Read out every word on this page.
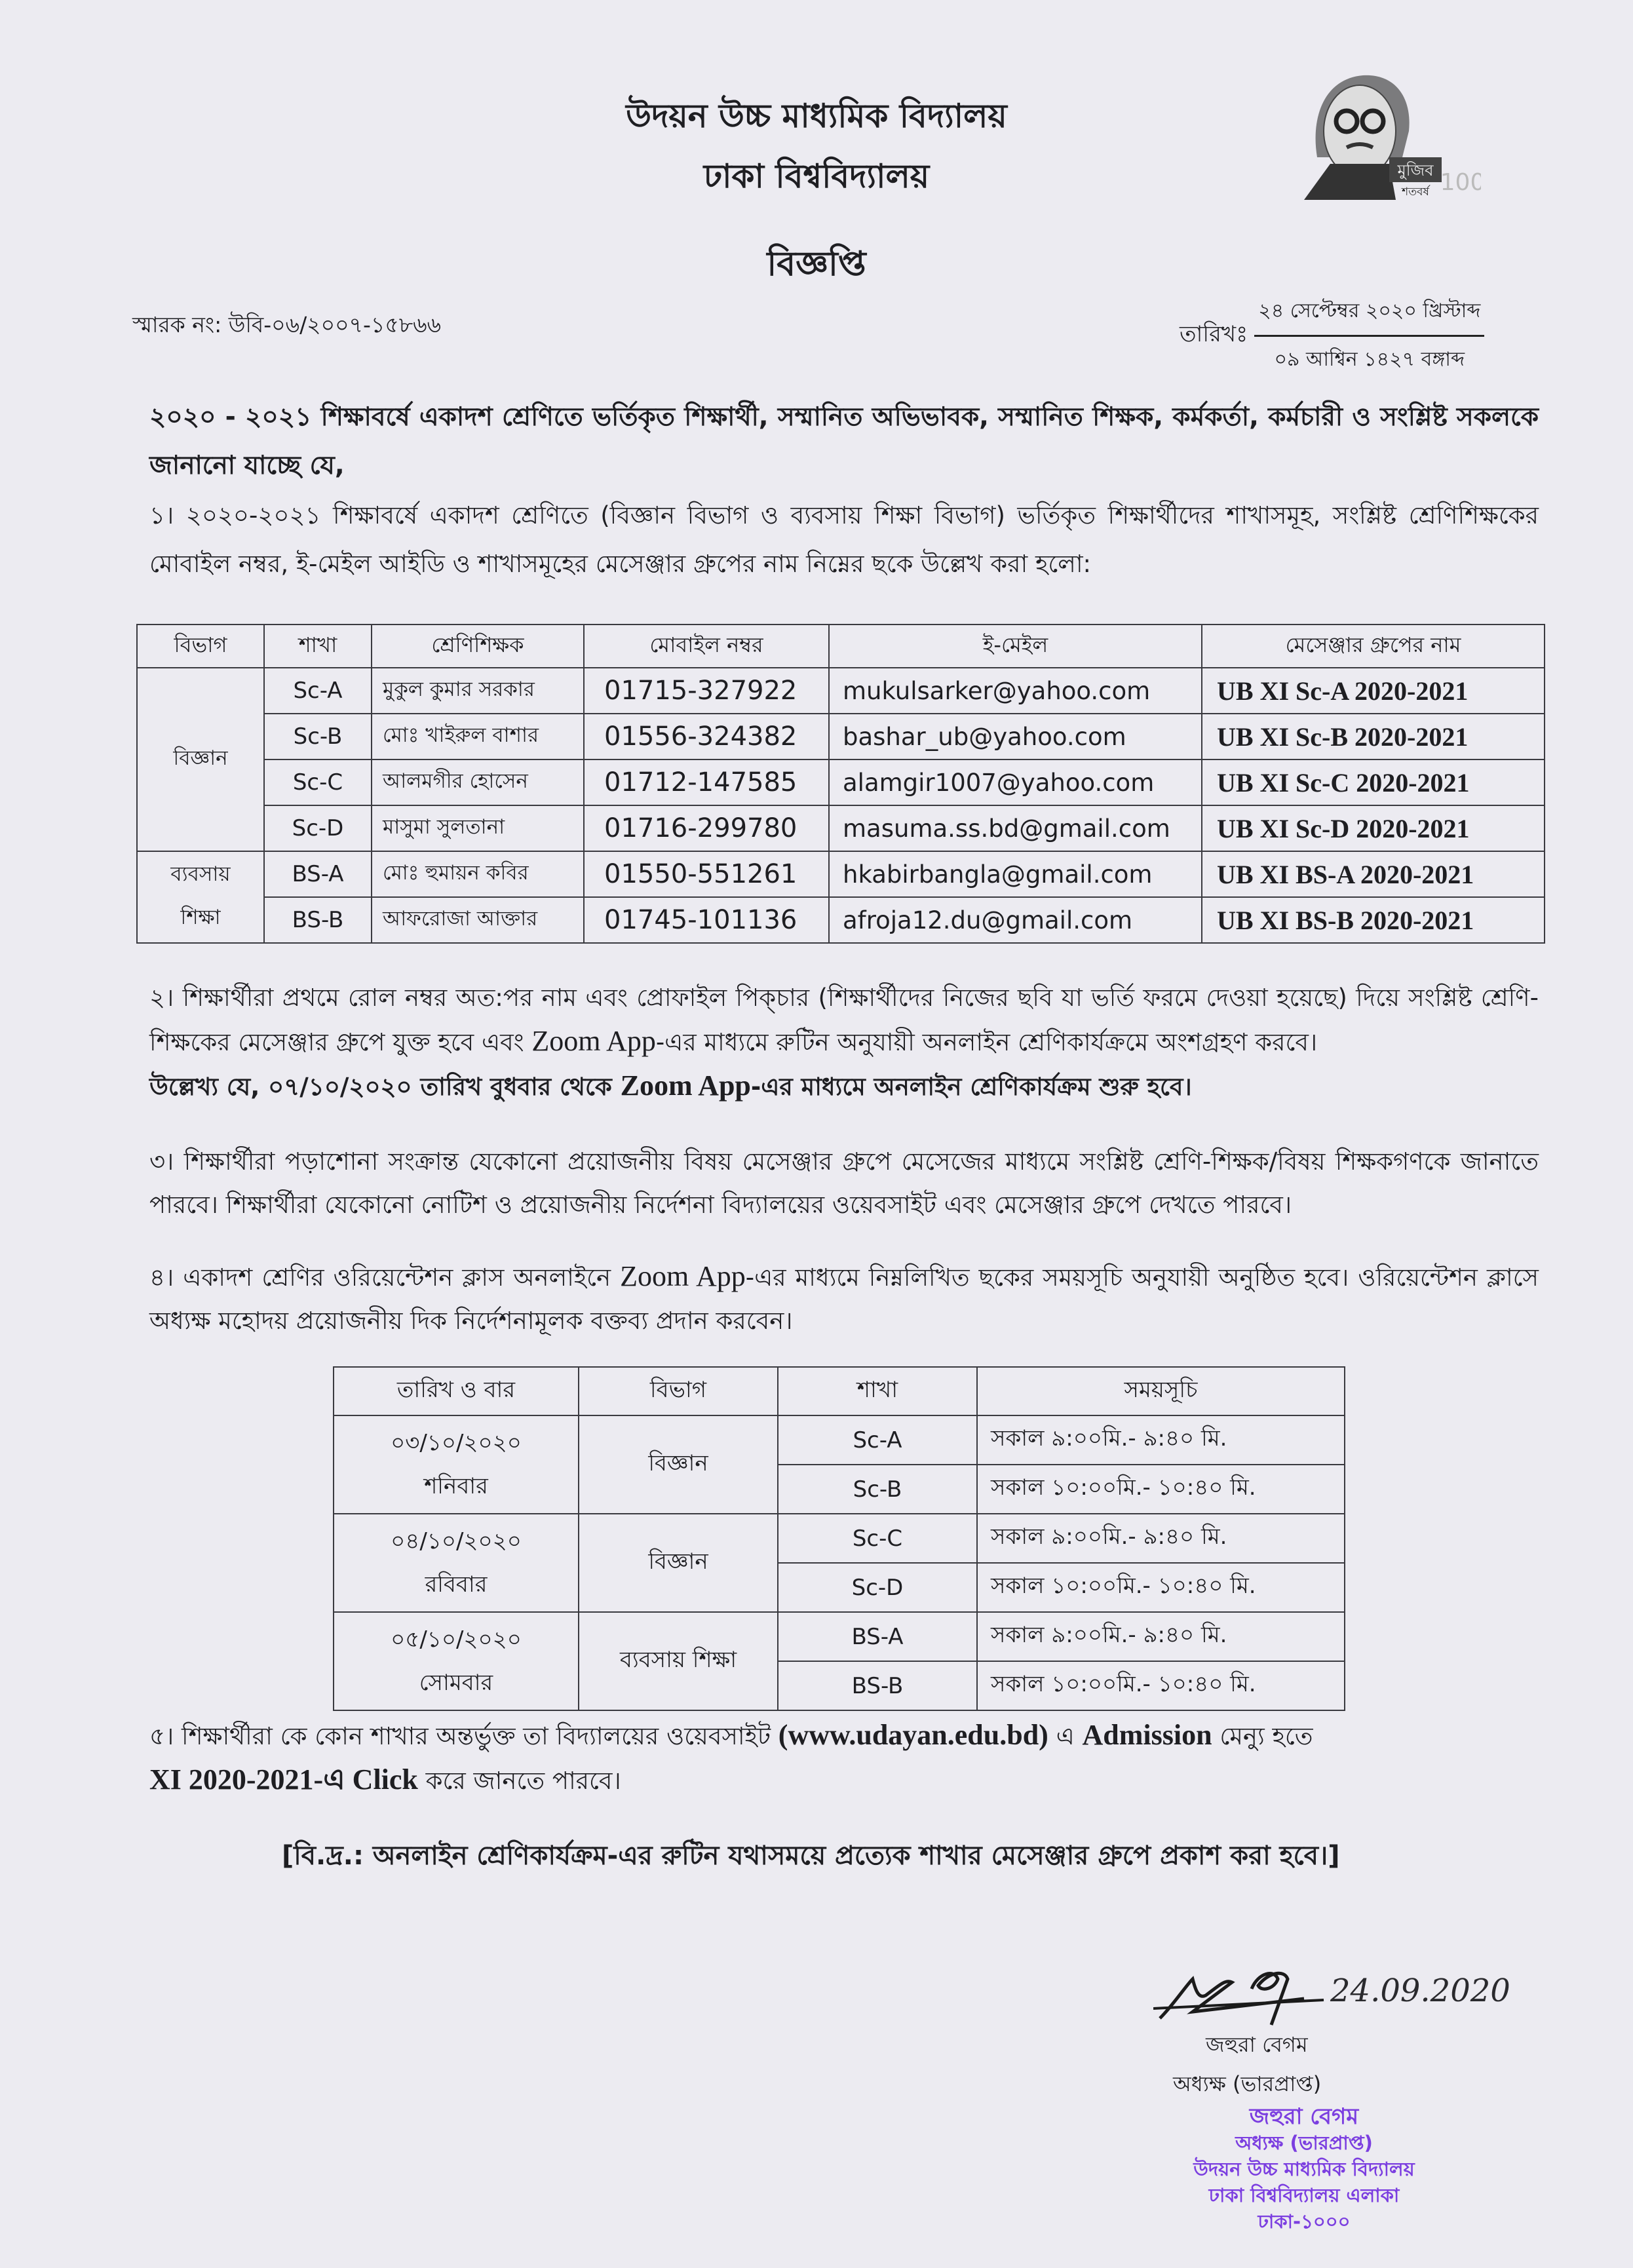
উদয়ন উচ্চ মাধ্যমিক বিদ্যালয়
ঢাকা বিশ্ববিদ্যালয়
বিজ্ঞপ্তি
মুজিব
শতবর্ষ 100
স্মারক নং: উবি-০৬/২০০৭-১৫৮৬৬	তারিখঃ $\frac{\text{২৪ সেপ্টেম্বর ২০২০ খ্রিস্টাব্দ}}{\text{০৯ আশ্বিন ১৪২৭ বঙ্গাব্দ}}$
২০২০ - ২০২১ শিক্ষাবর্ষে একাদশ শ্রেণিতে ভর্তিকৃত শিক্ষার্থী, সম্মানিত অভিভাবক, সম্মানিত শিক্ষক, কর্মকর্তা, কর্মচারী ও সংশ্লিষ্ট সকলকে জানানো যাচ্ছে যে,
১। ২০২০-২০২১ শিক্ষাবর্ষে একাদশ শ্রেণিতে (বিজ্ঞান বিভাগ ও ব্যবসায় শিক্ষা বিভাগ) ভর্তিকৃত শিক্ষার্থীদের শাখাসমূহ, সংশ্লিষ্ট শ্রেণিশিক্ষকের মোবাইল নম্বর, ই-মেইল আইডি ও শাখাসমূহের মেসেঞ্জার গ্রুপের নাম নিম্নের ছকে উল্লেখ করা হলো:
বিভাগ	শাখা	শ্রেণিশিক্ষক	মোবাইল নম্বর	ই-মেইল	মেসেঞ্জার গ্রুপের নাম
বিজ্ঞান	Sc-A	মুকুল কুমার সরকার	01715-327922	mukulsarker@yahoo.com	UB XI Sc-A 2020-2021
	Sc-B	মোঃ খাইরুল বাশার	01556-324382	bashar_ub@yahoo.com	UB XI Sc-B 2020-2021
	Sc-C	আলমগীর হোসেন	01712-147585	alamgir1007@yahoo.com	UB XI Sc-C 2020-2021
	Sc-D	মাসুমা সুলতানা	01716-299780	masuma.ss.bd@gmail.com	UB XI Sc-D 2020-2021

ব্যবসায়
শিক্ষা	BS-A	মোঃ হুমায়ন কবির	01550-551261	hkabirbangla@gmail.com	UB XI BS-A 2020-2021
	BS-B	আফরোজা আক্তার	01745-101136	afroja12.du@gmail.com	UB XI BS-B 2020-2021
২। শিক্ষার্থীরা প্রথমে রোল নম্বর অত:পর নাম এবং প্রোফাইল পিক্চার (শিক্ষার্থীদের নিজের ছবি যা ভর্তি ফরমে দেওয়া হয়েছে) দিয়ে সংশ্লিষ্ট শ্রেণি-শিক্ষকের মেসেঞ্জার গ্রুপে যুক্ত হবে এবং Zoom App-এর মাধ্যমে রুটিন অনুযায়ী অনলাইন শ্রেণিকার্যক্রমে অংশগ্রহণ করবে।
উল্লেখ্য যে, ০৭/১০/২০২০ তারিখ বুধবার থেকে Zoom App-এর মাধ্যমে অনলাইন শ্রেণিকার্যক্রম শুরু হবে।
৩। শিক্ষার্থীরা পড়াশোনা সংক্রান্ত যেকোনো প্রয়োজনীয় বিষয় মেসেঞ্জার গ্রুপে মেসেজের মাধ্যমে সংশ্লিষ্ট শ্রেণি-শিক্ষক/বিষয় শিক্ষকগণকে জানাতে পারবে। শিক্ষার্থীরা যেকোনো নোটিশ ও প্রয়োজনীয় নির্দেশনা বিদ্যালয়ের ওয়েবসাইট এবং মেসেঞ্জার গ্রুপে দেখতে পারবে।
৪। একাদশ শ্রেণির ওরিয়েন্টেশন ক্লাস অনলাইনে Zoom App-এর মাধ্যমে নিম্নলিখিত ছকের সময়সূচি অনুযায়ী অনুষ্ঠিত হবে। ওরিয়েন্টেশন ক্লাসে অধ্যক্ষ মহোদয় প্রয়োজনীয় দিক নির্দেশনামূলক বক্তব্য প্রদান করবেন।
তারিখ ও বার	বিভাগ	শাখা	সময়সূচি

০৩/১০/২০২০
শনিবার	বিজ্ঞান	Sc-A	সকাল ৯:০০মি.- ৯:৪০ মি.
		Sc-B	সকাল ১০:০০মি.- ১০:৪০ মি.

০৪/১০/২০২০
রবিবার	বিজ্ঞান	Sc-C	সকাল ৯:০০মি.- ৯:৪০ মি.
		Sc-D	সকাল ১০:০০মি.- ১০:৪০ মি.

০৫/১০/২০২০
সোমবার	ব্যবসায় শিক্ষা	BS-A	সকাল ৯:০০মি.- ৯:৪০ মি.
		BS-B	সকাল ১০:০০মি.- ১০:৪০ মি.
৫। শিক্ষার্থীরা কে কোন শাখার অন্তর্ভুক্ত তা বিদ্যালয়ের ওয়েবসাইট (www.udayan.edu.bd) এ Admission মেন্যু হতে
XI 2020-2021-এ Click করে জানতে পারবে।
[বি.দ্র.: অনলাইন শ্রেণিকার্যক্রম-এর রুটিন যথাসময়ে প্রত্যেক শাখার মেসেঞ্জার গ্রুপে প্রকাশ করা হবে।]
24.09.2020
জহুরা বেগম
অধ্যক্ষ (ভারপ্রাপ্ত)
জহুরা বেগম
অধ্যক্ষ (ভারপ্রাপ্ত)
উদয়ন উচ্চ মাধ্যমিক বিদ্যালয়
ঢাকা বিশ্ববিদ্যালয় এলাকা
ঢাকা-১০০০
